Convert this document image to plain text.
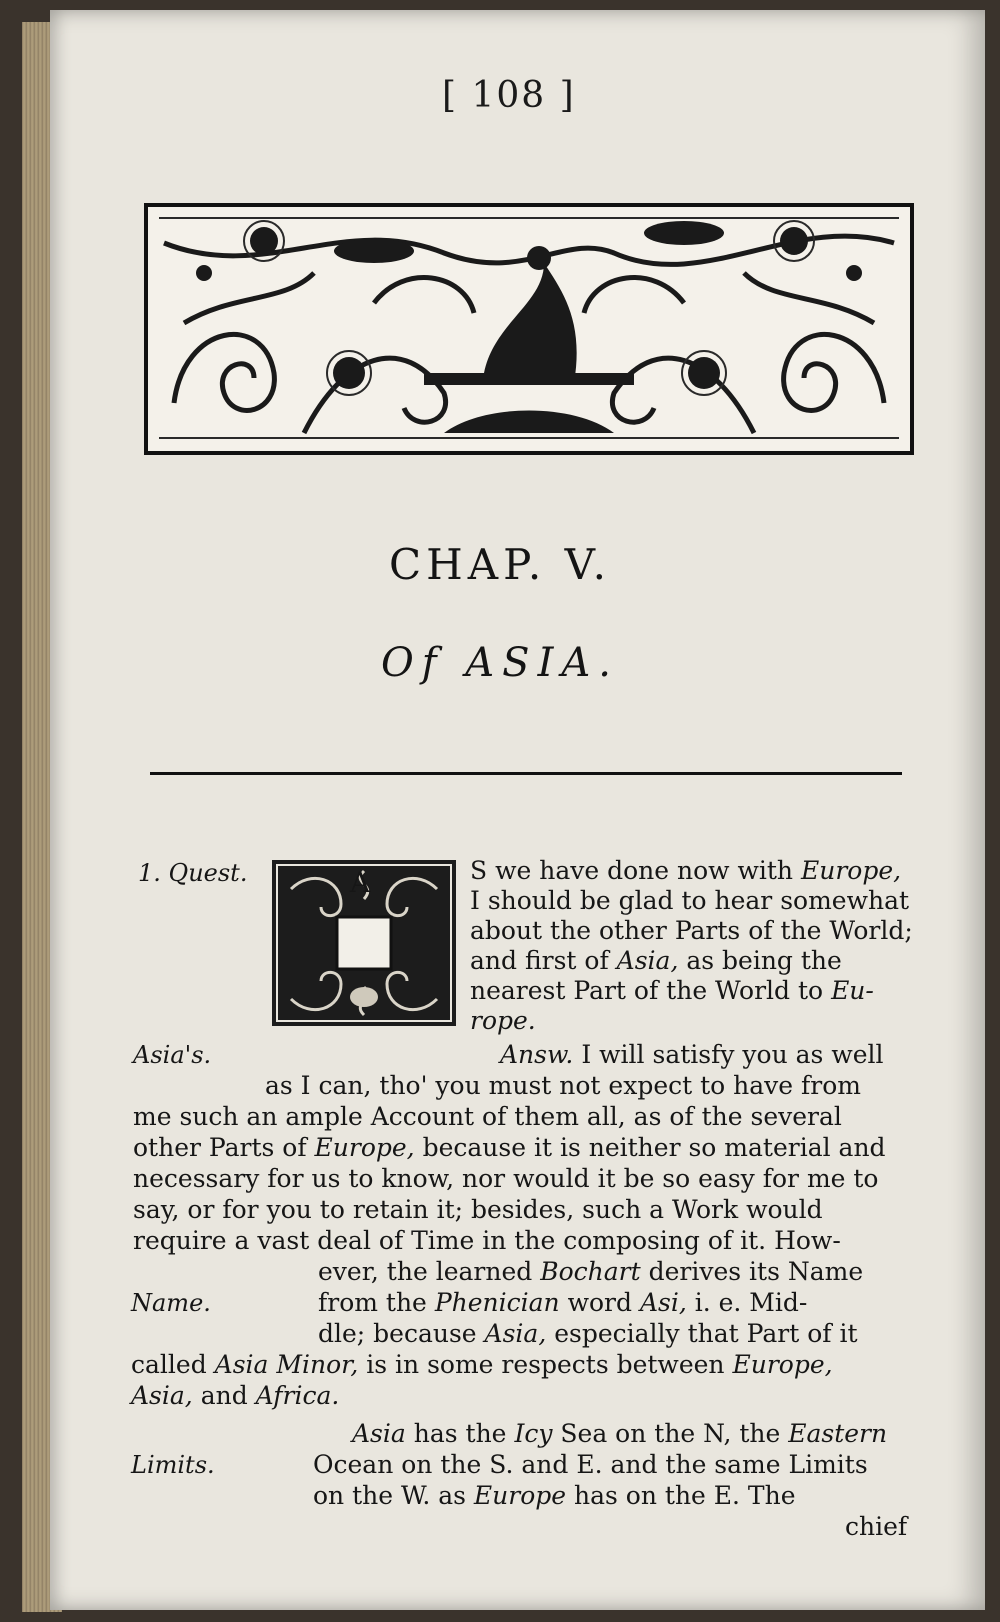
[ 108 ]
CHAP. V.
Of ASIA.
1. Quest.	A	S we have done now with Europe,
I should be glad to hear somewhat
about the other Parts of the World;
and first of Asia, as being the
nearest Part of the World to Eu-
rope.
Asia's.	Answ. I will satisfy you as well
as I can, tho' you must not expect to have from
me such an ample Account of them all, as of the several
other Parts of Europe, because it is neither so material and
necessary for us to know, nor would it be so easy for me to
say, or for you to retain it; besides, such a Work would
require a vast deal of Time in the composing of it. How-
ever, the learned Bochart derives its Name
Name.	from the Phenician word Asi, i. e. Mid-
dle; because Asia, especially that Part of it
called Asia Minor, is in some respects between Europe,
Asia, and Africa.
Asia has the Icy Sea on the N, the Eastern
Limits.	Ocean on the S. and E. and the same Limits
on the W. as Europe has on the E. The
chief
